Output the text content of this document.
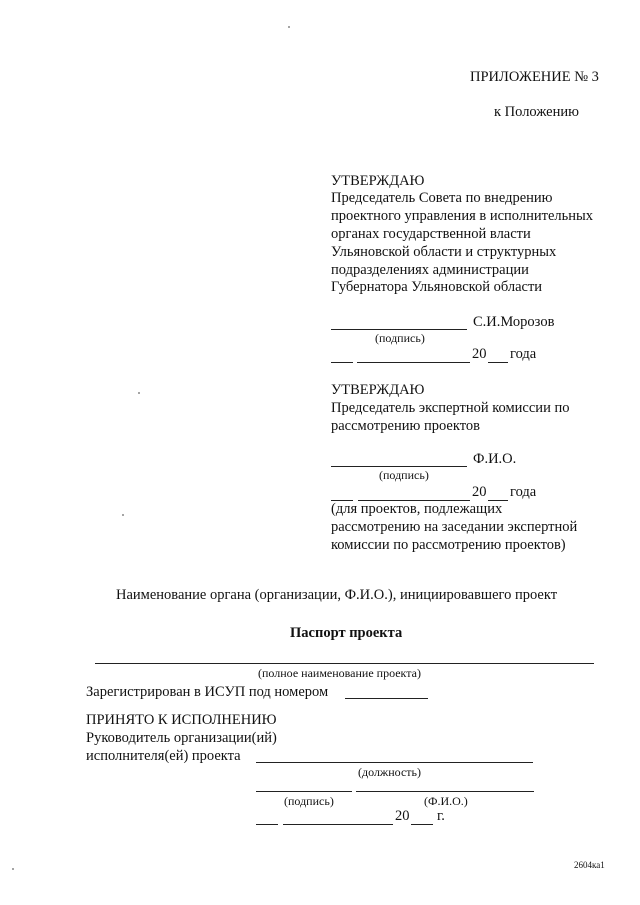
ПРИЛОЖЕНИЕ № 3
к Положению
УТВЕРЖДАЮ
Председатель Совета по внедрению
проектного управления в исполнительных
органах государственной власти
Ульяновской области и структурных
подразделениях администрации
Губернатора Ульяновской области
С.И.Морозов
(подпись)
20 года
УТВЕРЖДАЮ
Председатель экспертной комиссии по
рассмотрению проектов
Ф.И.О.
(подпись)
20 года
(для проектов, подлежащих
рассмотрению на заседании экспертной
комиссии по рассмотрению проектов)
Наименование органа (организации, Ф.И.О.), инициировавшего проект
Паспорт проекта
(полное наименование проекта)
Зарегистрирован в ИСУП под номером
ПРИНЯТО К ИСПОЛНЕНИЮ
Руководитель организации(ий)
исполнителя(ей) проекта
(должность)
(подпись)	(Ф.И.О.)
20 г.
2604ка1
